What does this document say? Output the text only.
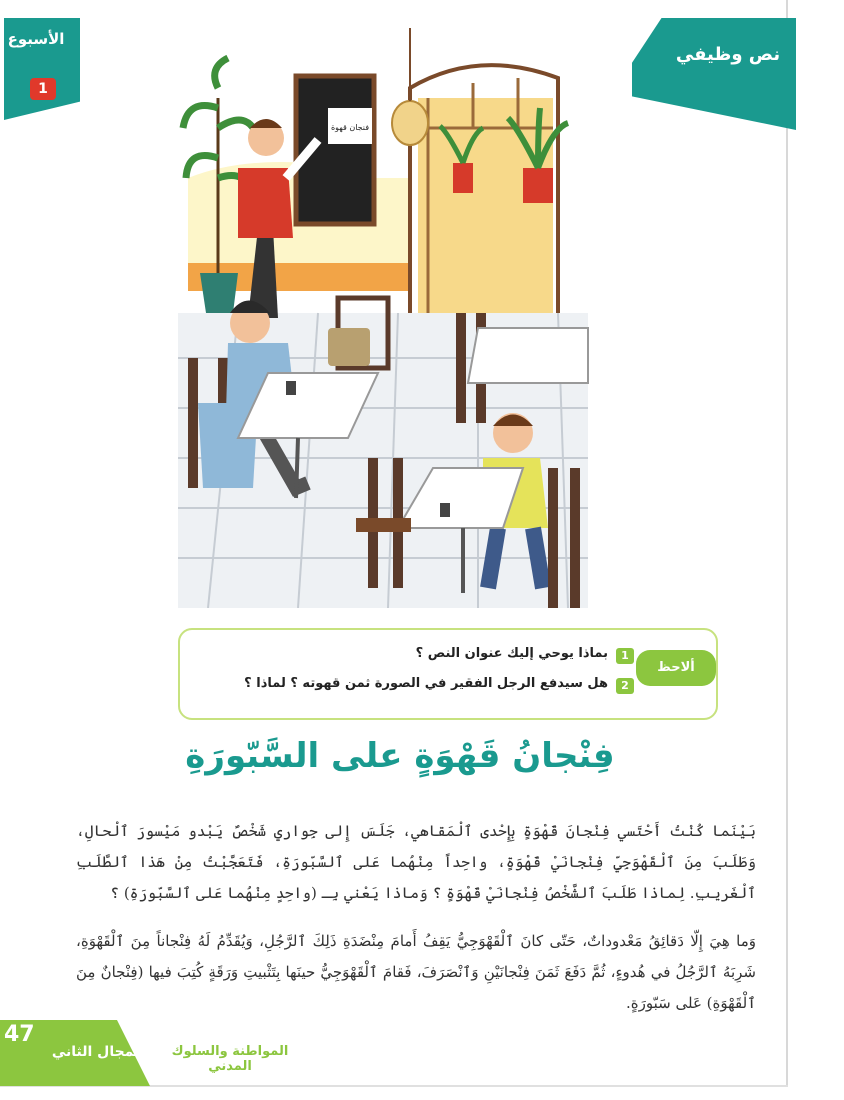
الأسبوع
1
نص وظيفي
فنجان قهوة
ألاحظ وأتوقع
1
بماذا يوحي إليك عنوان النص ؟
2
هل سيدفع الرجل الفقير في الصورة ثمن قهوته ؟ لماذا ؟
فِنْجانُ قَهْوَةٍ على السَّبّورَةِ
بَيْنَما كُنْتُ أَحْتَسي فِنْجانَ قَهْوَةٍ بِإِحْدى ٱلْمَقاهي، جَلَسَ إِلى جِواري شَخْصٌ يَبْدو مَيْسورَ ٱلْحالِ، وَطَلَبَ مِنَ ٱلْقَهْوَجِيِّ فِنْجانَيْ قَهْوَةٍ، واحِداً مِنْهُما عَلى ٱلسَّبّورَةِ، فَتَعَجَّبْتُ مِنْ هَذا ٱلطَّلَبِ ٱلْغَريبِ. لِماذا طَلَبَ ٱلشَّخْصُ فِنْجانَيْ قَهْوَةٍ ؟ وَماذا يَعْني بِـ (واحِدٍ مِنْهُما عَلى ٱلسَّبّورَةِ) ؟
وَما هِيَ إِلّا دَقائِقُ مَعْدوداتٌ، حَتّى كانَ ٱلْقَهْوَجِيُّ يَقِفُ أَمامَ مِنْضَدَةِ ذَلِكَ ٱلرَّجُلِ، وَيُقَدِّمُ لَهُ فِنْجاناً مِنَ ٱلْقَهْوَةِ، شَرِبَهُ ٱلرَّجُلُ في هُدوءٍ، ثُمَّ دَفَعَ ثَمَنَ فِنْجانَيْنِ وَٱنْصَرَفَ، فَقامَ ٱلْقَهْوَجِيُّ حينَها بِتَثْبيتِ وَرَقَةٍ كُتِبَ فيها (فِنْجانٌ مِنَ ٱلْقَهْوَةِ) عَلى سَبّورَةٍ.
47
المجال الثاني	المواطنة والسلوك المدني
